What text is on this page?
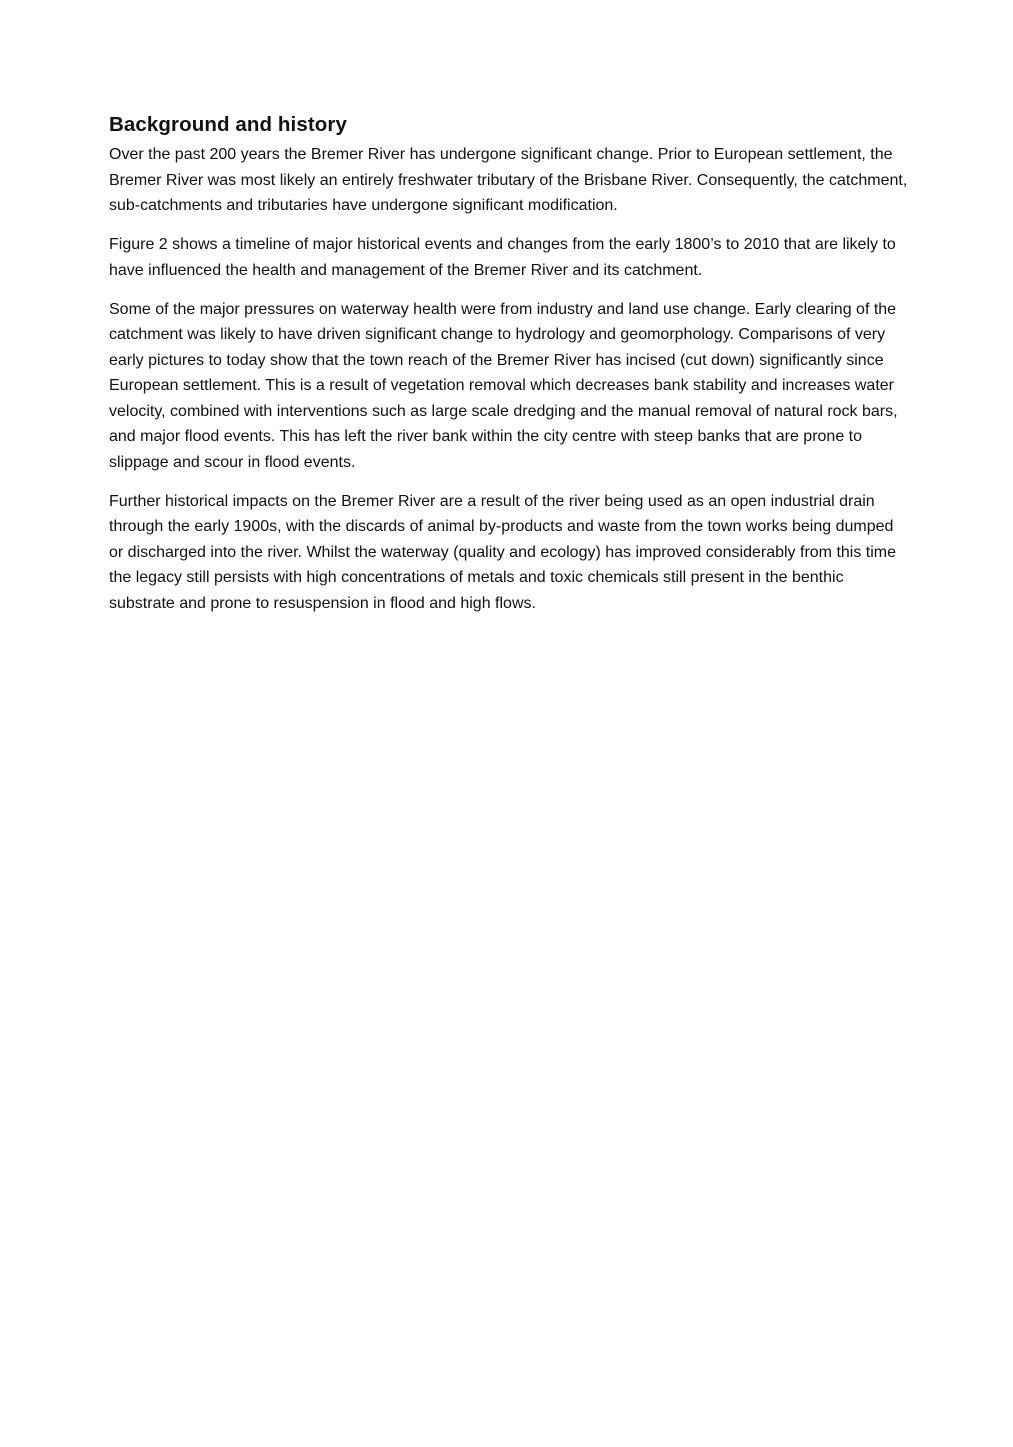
Background and history

Over the past 200 years the Bremer River has undergone significant change. Prior to European settlement, the Bremer River was most likely an entirely freshwater tributary of the Brisbane River. Consequently, the catchment, sub-catchments and tributaries have undergone significant modification.

Figure 2 shows a timeline of major historical events and changes from the early 1800’s to 2010 that are likely to have influenced the health and management of the Bremer River and its catchment.

Some of the major pressures on waterway health were from industry and land use change. Early clearing of the catchment was likely to have driven significant change to hydrology and geomorphology. Comparisons of very early pictures to today show that the town reach of the Bremer River has incised (cut down) significantly since European settlement. This is a result of vegetation removal which decreases bank stability and increases water velocity, combined with interventions such as large scale dredging and the manual removal of natural rock bars, and major flood events. This has left the river bank within the city centre with steep banks that are prone to slippage and scour in flood events.

Further historical impacts on the Bremer River are a result of the river being used as an open industrial drain through the early 1900s, with the discards of animal by-products and waste from the town works being dumped or discharged into the river. Whilst the waterway (quality and ecology) has improved considerably from this time the legacy still persists with high concentrations of metals and toxic chemicals still present in the benthic substrate and prone to resuspension in flood and high flows.
